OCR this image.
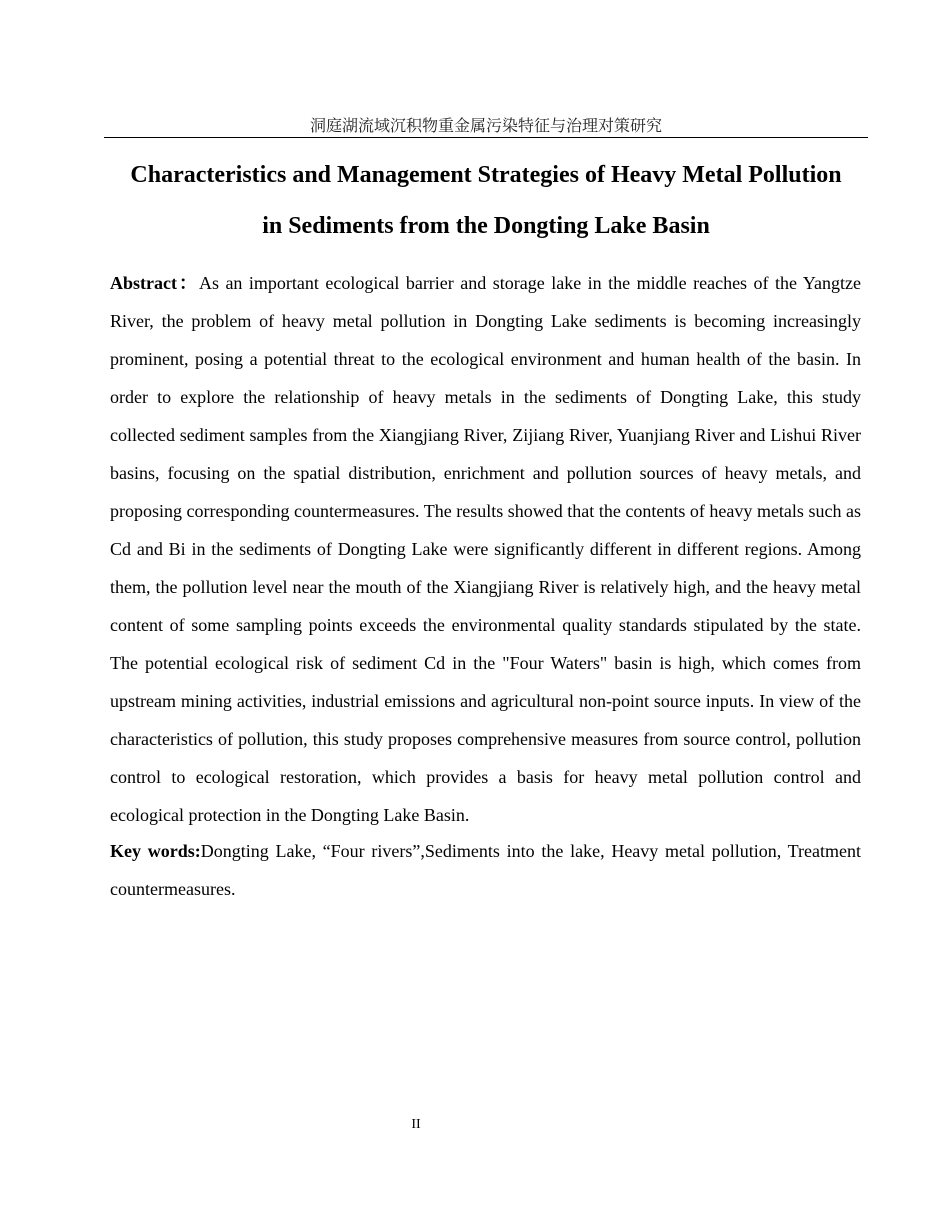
洞庭湖流域沉积物重金属污染特征与治理对策研究
Characteristics and Management Strategies of Heavy Metal Pollution
in Sediments from the Dongting Lake Basin

Abstract：As an important ecological barrier and storage lake in the middle reaches of the Yangtze River, the problem of heavy metal pollution in Dongting Lake sediments is becoming increasingly prominent, posing a potential threat to the ecological environment and human health of the basin. In order to explore the relationship of heavy metals in the sediments of Dongting Lake, this study collected sediment samples from the Xiangjiang River, Zijiang River, Yuanjiang River and Lishui River basins, focusing on the spatial distribution, enrichment and pollution sources of heavy metals, and proposing corresponding countermeasures. The results showed that the contents of heavy metals such as Cd and Bi in the sediments of Dongting Lake were significantly different in different regions. Among them, the pollution level near the mouth of the Xiangjiang River is relatively high, and the heavy metal content of some sampling points exceeds the environmental quality standards stipulated by the state. The potential ecological risk of sediment Cd in the "Four Waters" basin is high, which comes from upstream mining activities, industrial emissions and agricultural non-point source inputs. In view of the characteristics of pollution, this study proposes comprehensive measures from source control, pollution control to ecological restoration, which provides a basis for heavy metal pollution control and ecological protection in the Dongting Lake Basin.

Key words:Dongting Lake, “Four rivers”,Sediments into the lake, Heavy metal pollution, Treatment countermeasures.

II
